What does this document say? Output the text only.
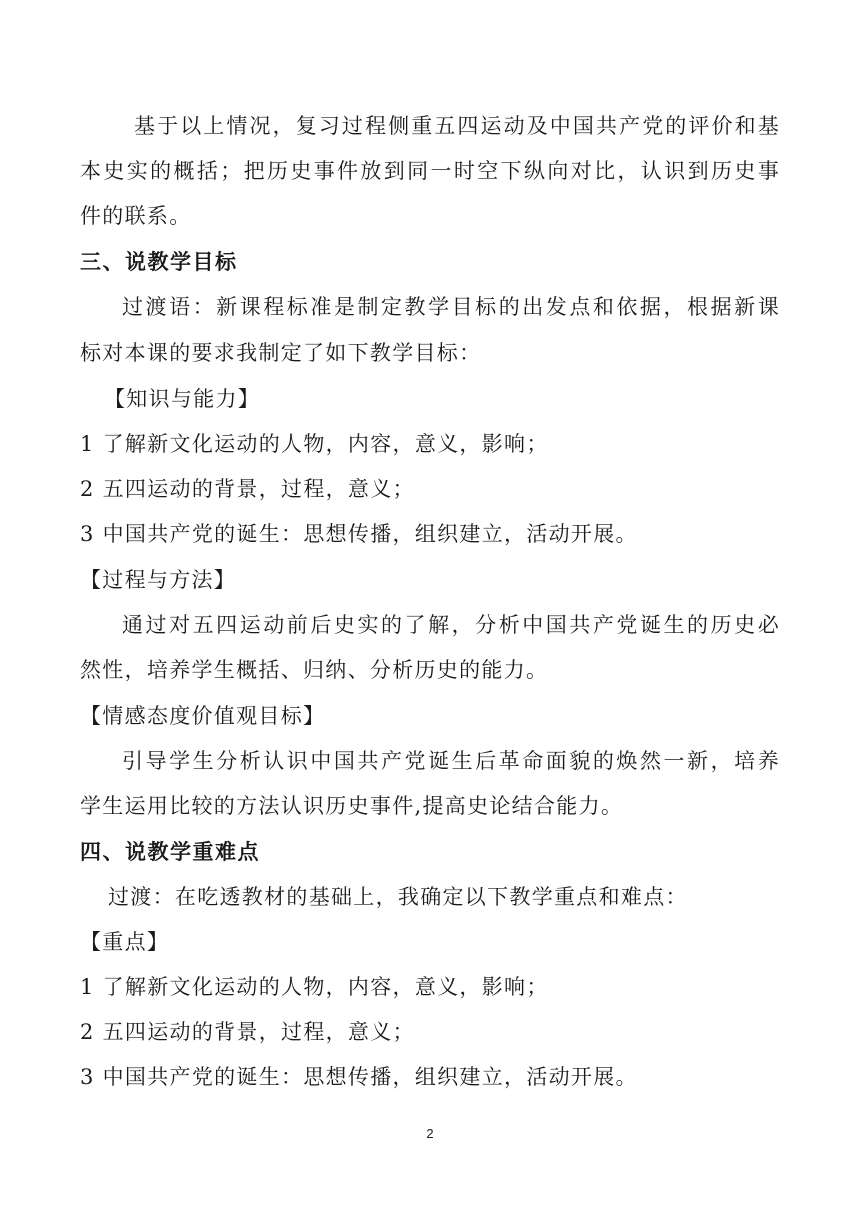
基于以上情况，复习过程侧重五四运动及中国共产党的评价和基
本史实的概括；把历史事件放到同一时空下纵向对比，认识到历史事
件的联系。
三、说教学目标
过渡语：新课程标准是制定教学目标的出发点和依据，根据新课
标对本课的要求我制定了如下教学目标：
【知识与能力】
1 了解新文化运动的人物，内容，意义，影响；
2 五四运动的背景，过程，意义；
3 中国共产党的诞生：思想传播，组织建立，活动开展。
【过程与方法】
通过对五四运动前后史实的了解，分析中国共产党诞生的历史必
然性，培养学生概括、归纳、分析历史的能力。
【情感态度价值观目标】
引导学生分析认识中国共产党诞生后革命面貌的焕然一新，培养
学生运用比较的方法认识历史事件,提高史论结合能力。
四、说教学重难点
过渡：在吃透教材的基础上，我确定以下教学重点和难点：
【重点】
1 了解新文化运动的人物，内容，意义，影响；
2 五四运动的背景，过程，意义；
3 中国共产党的诞生：思想传播，组织建立，活动开展。
2
